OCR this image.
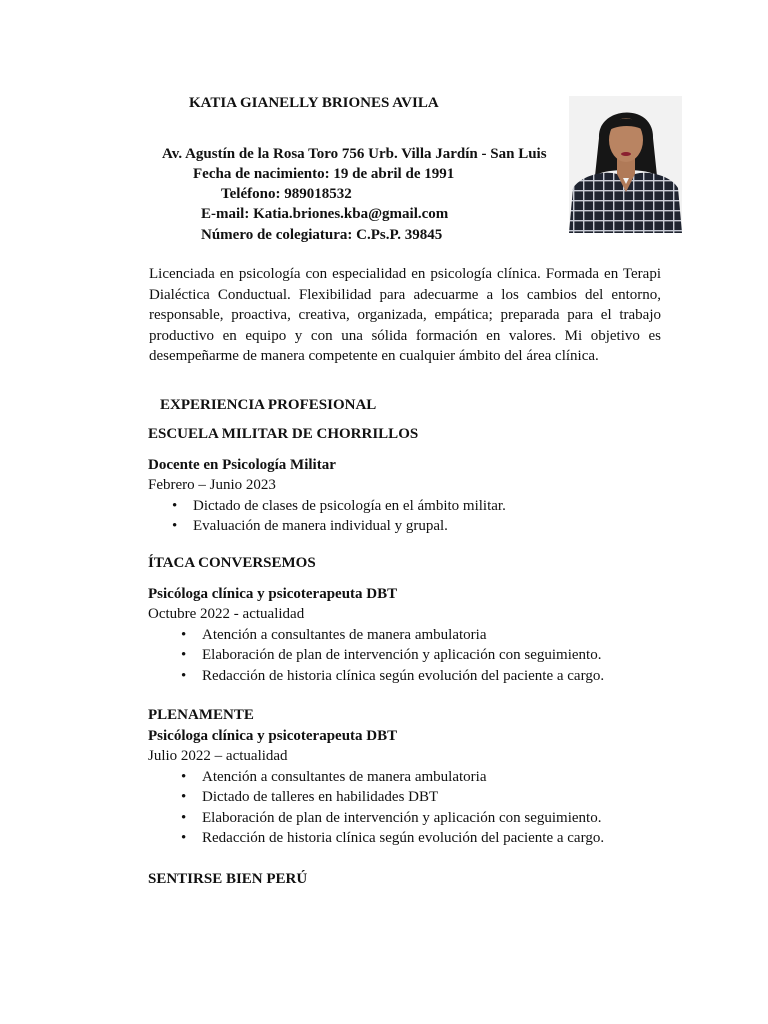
KATIA GIANELLY BRIONES AVILA
Av. Agustín de la Rosa Toro 756 Urb. Villa Jardín - San Luis
Fecha de nacimiento: 19 de abril de 1991
Teléfono: 989018532
E-mail: Katia.briones.kba@gmail.com
Número de colegiatura: C.Ps.P. 39845
Licenciada en psicología con especialidad en psicología clínica. Formada en Terapi Dialéctica Conductual. Flexibilidad para adecuarme a los cambios del entorno, responsable, proactiva, creativa, organizada, empática; preparada para el trabajo productivo en equipo y con una sólida formación en valores. Mi objetivo es desempeñarme de manera competente en cualquier ámbito del área clínica.
EXPERIENCIA PROFESIONAL

ESCUELA MILITAR DE CHORRILLOS

Docente en Psicología Militar

Febrero – Junio 2023

• Dictado de clases de psicología en el ámbito militar.
• Evaluación de manera individual y grupal.

ÍTACA CONVERSEMOS

Psicóloga clínica y psicoterapeuta DBT

Octubre 2022 - actualidad

• Atención a consultantes de manera ambulatoria
• Elaboración de plan de intervención y aplicación con seguimiento.
• Redacción de historia clínica según evolución del paciente a cargo.

PLENAMENTE

Psicóloga clínica y psicoterapeuta DBT

Julio 2022 – actualidad

• Atención a consultantes de manera ambulatoria
• Dictado de talleres en habilidades DBT
• Elaboración de plan de intervención y aplicación con seguimiento.
• Redacción de historia clínica según evolución del paciente a cargo.

SENTIRSE BIEN PERÚ
